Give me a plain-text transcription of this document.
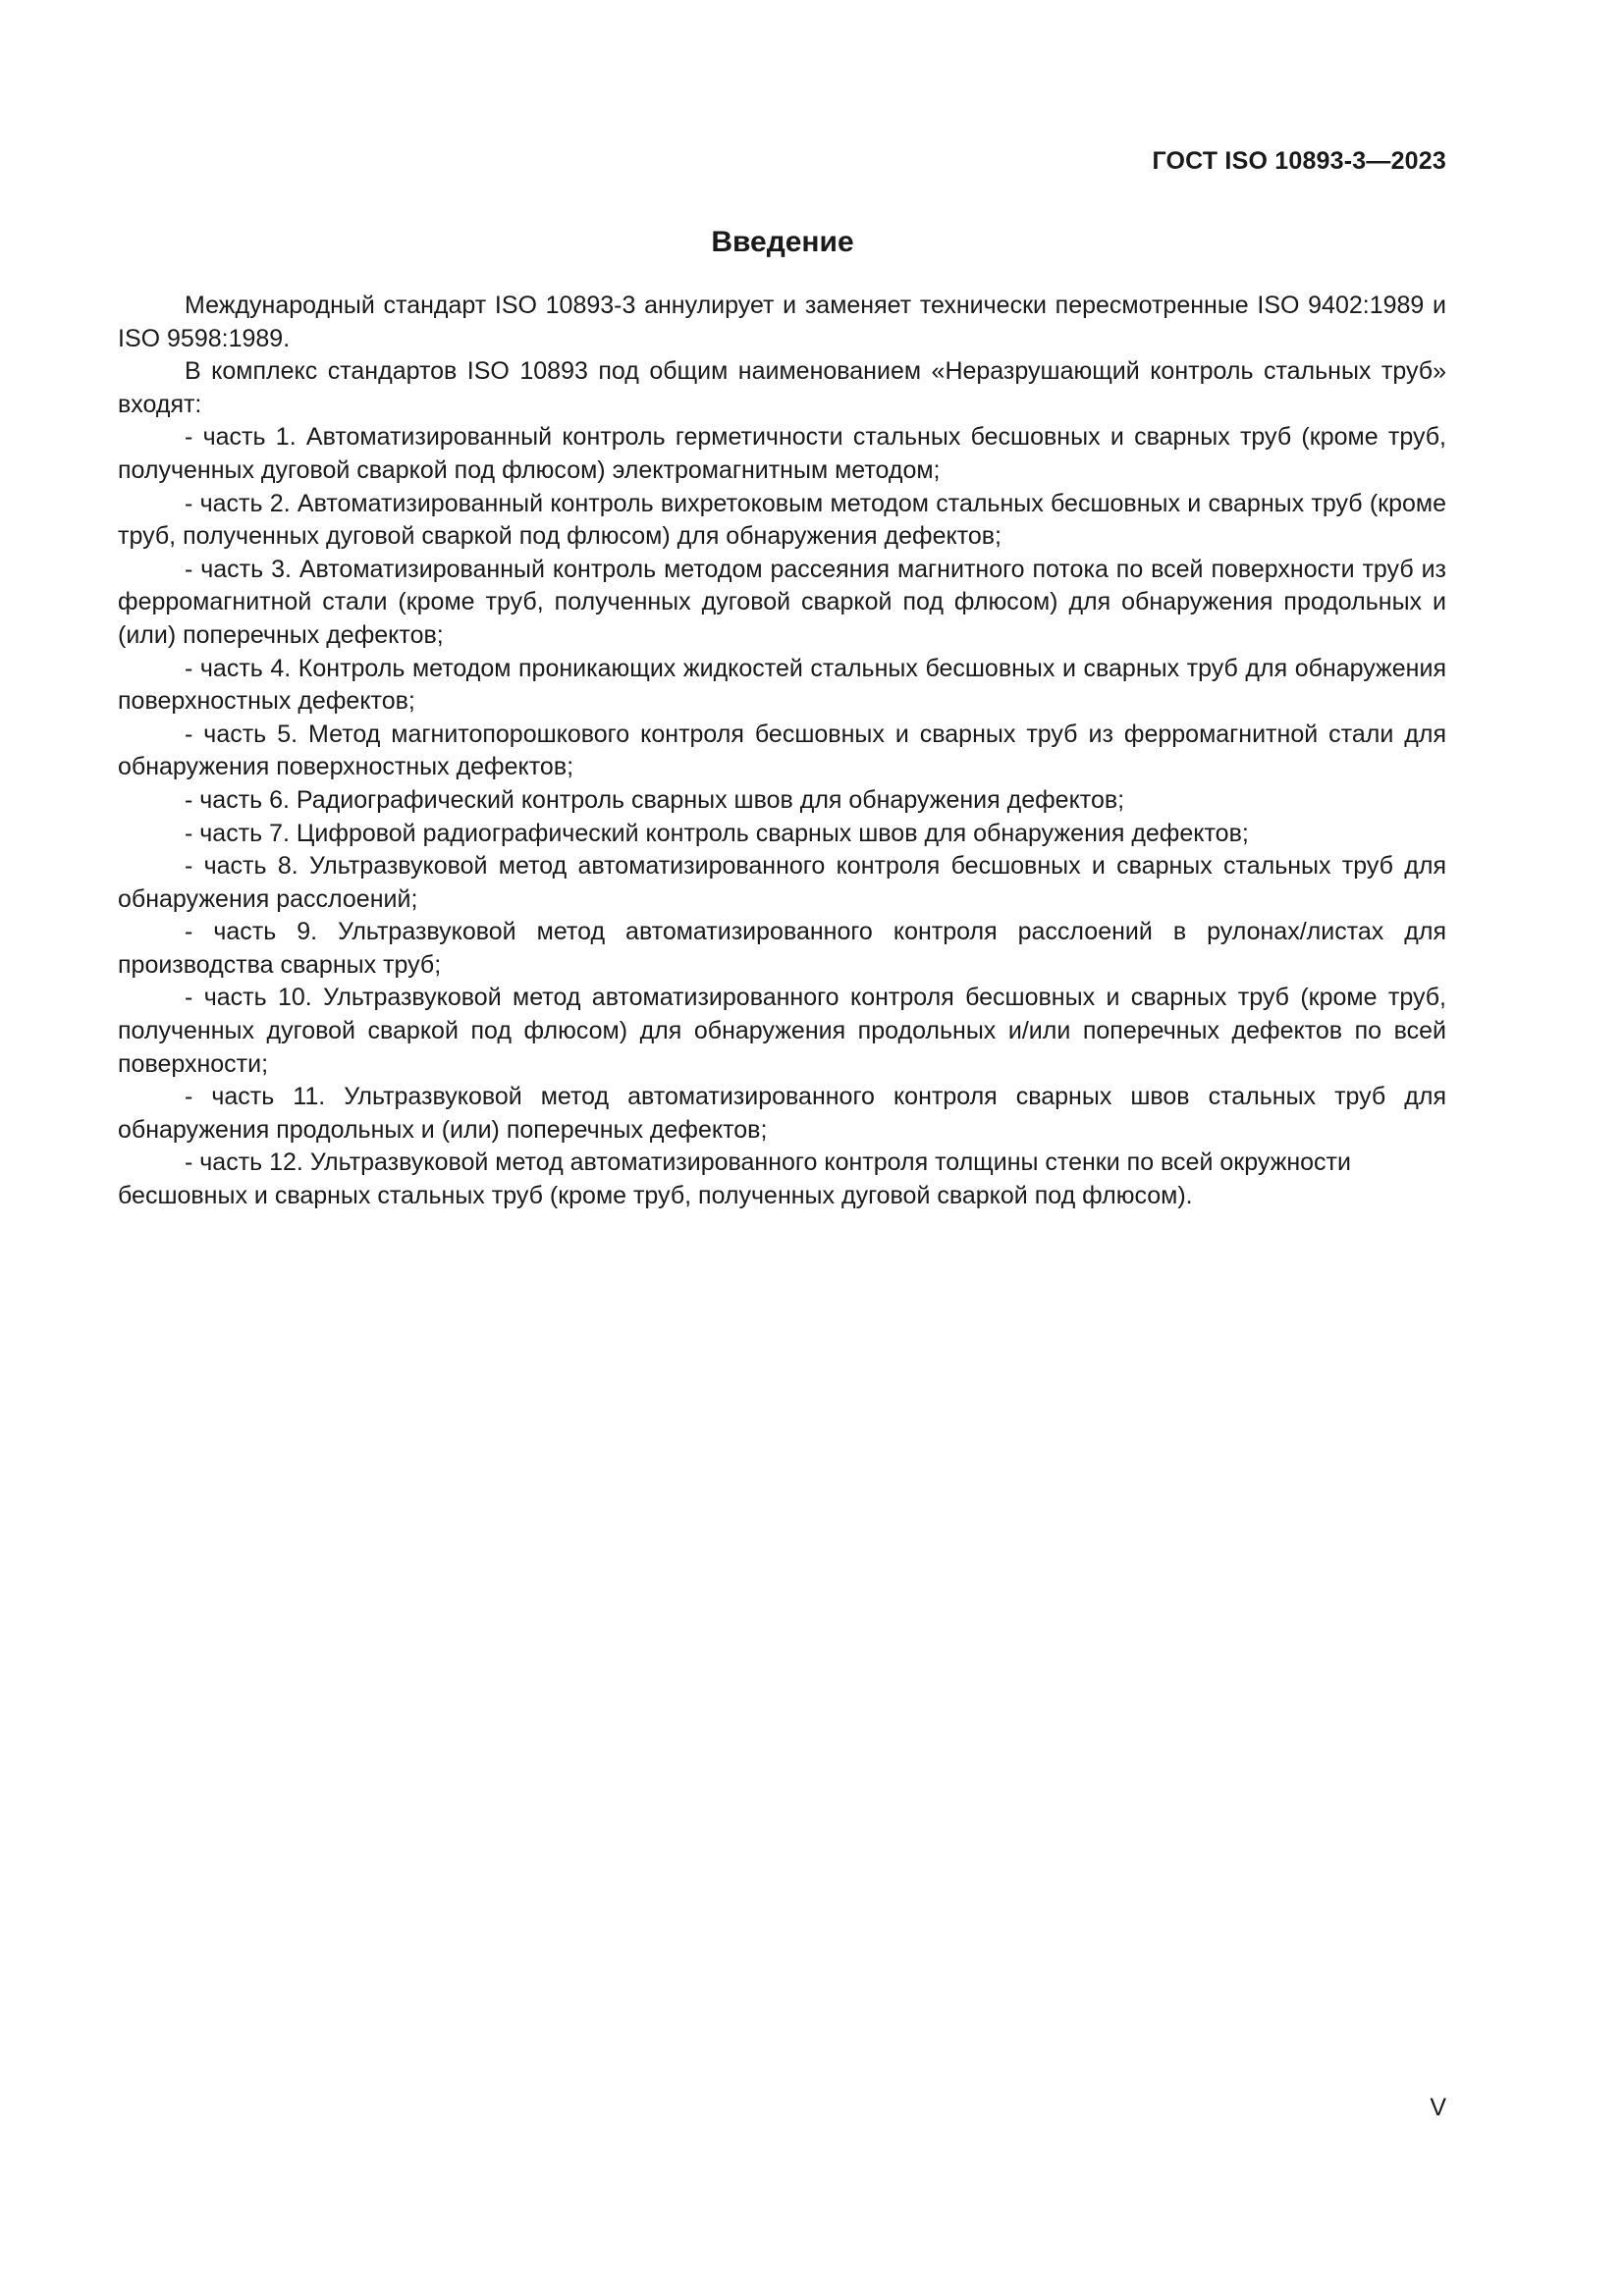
ГОСТ ISO 10893-3—2023
Введение

Международный стандарт ISO 10893-3 аннулирует и заменяет технически пересмотренные ISO 9402:1989 и ISO 9598:1989.

В комплекс стандартов ISO 10893 под общим наименованием «Неразрушающий контроль стальных труб» входят:

- часть 1. Автоматизированный контроль герметичности стальных бесшовных и сварных труб (кроме труб, полученных дуговой сваркой под флюсом) электромагнитным методом;

- часть 2. Автоматизированный контроль вихретоковым методом стальных бесшовных и сварных труб (кроме труб, полученных дуговой сваркой под флюсом) для обнаружения дефектов;

- часть 3. Автоматизированный контроль методом рассеяния магнитного потока по всей поверхности труб из ферромагнитной стали (кроме труб, полученных дуговой сваркой под флюсом) для обнаружения продольных и (или) поперечных дефектов;

- часть 4. Контроль методом проникающих жидкостей стальных бесшовных и сварных труб для обнаружения поверхностных дефектов;

- часть 5. Метод магнитопорошкового контроля бесшовных и сварных труб из ферромагнитной стали для обнаружения поверхностных дефектов;

- часть 6. Радиографический контроль сварных швов для обнаружения дефектов;

- часть 7. Цифровой радиографический контроль сварных швов для обнаружения дефектов;

- часть 8. Ультразвуковой метод автоматизированного контроля бесшовных и сварных стальных труб для обнаружения расслоений;

- часть 9. Ультразвуковой метод автоматизированного контроля расслоений в рулонах/листах для производства сварных труб;

- часть 10. Ультразвуковой метод автоматизированного контроля бесшовных и сварных труб (кроме труб, полученных дуговой сваркой под флюсом) для обнаружения продольных и/или поперечных дефектов по всей поверхности;

- часть 11. Ультразвуковой метод автоматизированного контроля сварных швов стальных труб для обнаружения продольных и (или) поперечных дефектов;

- часть 12. Ультразвуковой метод автоматизированного контроля толщины стенки по всей окружности бесшовных и сварных стальных труб (кроме труб, полученных дуговой сваркой под флюсом).

V
